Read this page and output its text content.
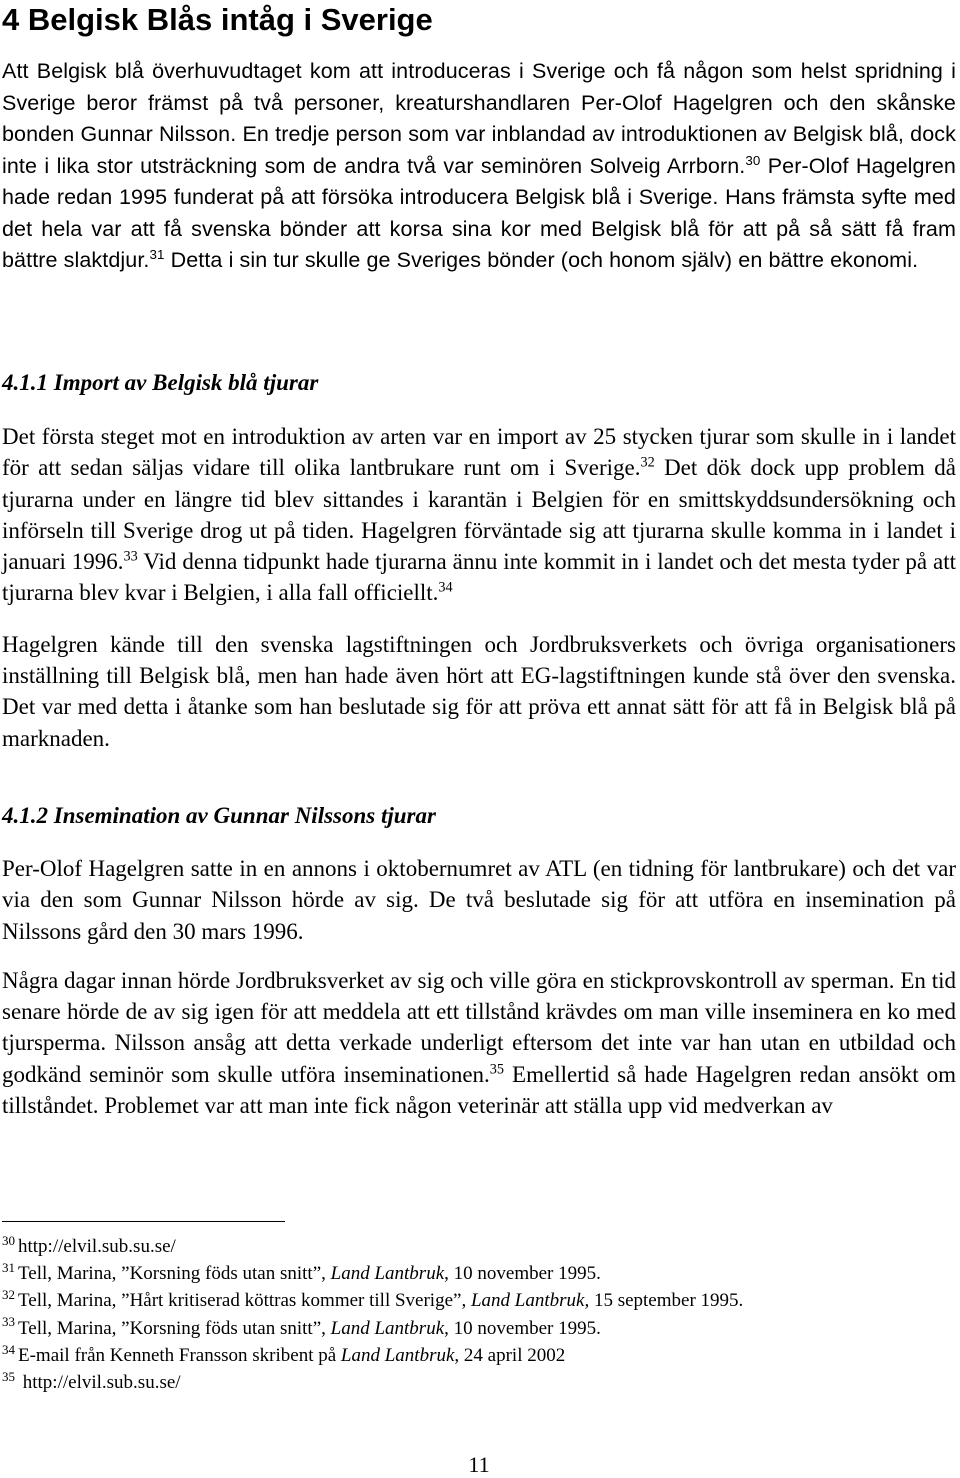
4 Belgisk Blås intåg i Sverige

Att Belgisk blå överhuvudtaget kom att introduceras i Sverige och få någon som helst spridning i Sverige beror främst på två personer, kreaturshandlaren Per-Olof Hagelgren och den skånske bonden Gunnar Nilsson. En tredje person som var inblandad av introduktionen av Belgisk blå, dock inte i lika stor utsträckning som de andra två var seminören Solveig Arrborn.$^{30}$ Per-Olof Hagelgren hade redan 1995 funderat på att försöka introducera Belgisk blå i Sverige. Hans främsta syfte med det hela var att få svenska bönder att korsa sina kor med Belgisk blå för att på så sätt få fram bättre slaktdjur.$^{31}$ Detta i sin tur skulle ge Sveriges bönder (och honom själv) en bättre ekonomi.

4.1.1 Import av Belgisk blå tjurar

Det första steget mot en introduktion av arten var en import av 25 stycken tjurar som skulle in i landet för att sedan säljas vidare till olika lantbrukare runt om i Sverige.$^{32}$ Det dök dock upp problem då tjurarna under en längre tid blev sittandes i karantän i Belgien för en smittskyddsundersökning och införseln till Sverige drog ut på tiden. Hagelgren förväntade sig att tjurarna skulle komma in i landet i januari 1996.33 Vid denna tidpunkt hade tjurarna ännu inte kommit in i landet och det mesta tyder på att tjurarna blev kvar i Belgien, i alla fall officiellt.$^{34}$

Hagelgren kände till den svenska lagstiftningen och Jordbruksverkets och övriga organisationers inställning till Belgisk blå, men han hade även hört att EG-lagstiftningen kunde stå över den svenska. Det var med detta i åtanke som han beslutade sig för att pröva ett annat sätt för att få in Belgisk blå på marknaden.

4.1.2 Insemination av Gunnar Nilssons tjurar

Per-Olof Hagelgren satte in en annons i oktobernumret av ATL (en tidning för lantbrukare) och det var via den som Gunnar Nilsson hörde av sig. De två beslutade sig för att utföra en insemination på Nilssons gård den 30 mars 1996.

Några dagar innan hörde Jordbruksverket av sig och ville göra en stickprovskontroll av sperman. En tid senare hörde de av sig igen för att meddela att ett tillstånd krävdes om man ville inseminera en ko med tjursperma. Nilsson ansåg att detta verkade underligt eftersom det inte var han utan en utbildad och godkänd seminör som skulle utföra inseminationen.$^{35}$ Emellertid så hade Hagelgren redan ansökt om tillståndet. Problemet var att man inte fick någon veterinär att ställa upp vid medverkan av

$^{30}$ http://elvil.sub.su.se/
$^{31}$ Tell, Marina, ”Korsning föds utan snitt”, Land Lantbruk, 10 november 1995.
$^{32}$ Tell, Marina, ”Hårt kritiserad köttras kommer till Sverige”, Land Lantbruk, 15 september 1995.
$^{33}$ Tell, Marina, ”Korsning föds utan snitt”, Land Lantbruk, 10 november 1995.
$^{34}$ E-mail från Kenneth Fransson skribent på Land Lantbruk, 24 april 2002
$^{35}$ http://elvil.sub.su.se/
11
